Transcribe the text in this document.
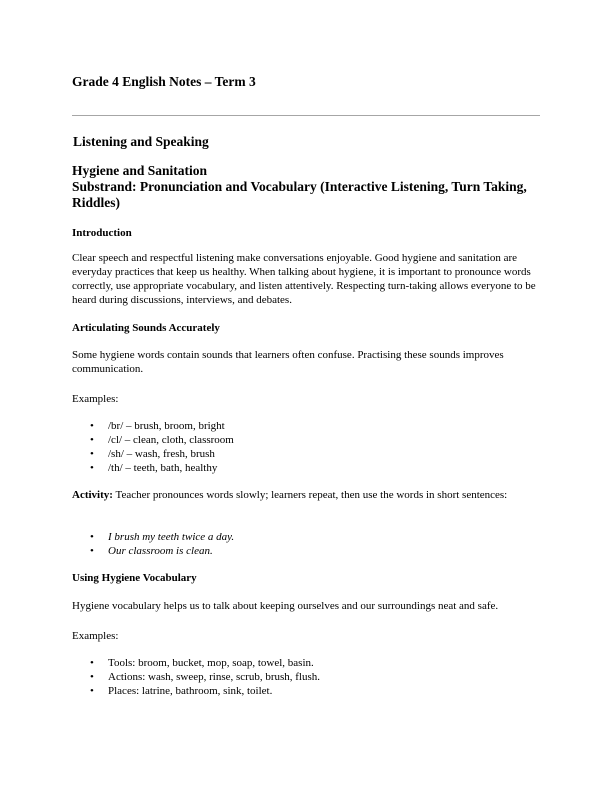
Grade 4 English Notes – Term 3
Listening and Speaking
Hygiene and Sanitation
Substrand: Pronunciation and Vocabulary (Interactive Listening, Turn Taking, Riddles)
Introduction
Clear speech and respectful listening make conversations enjoyable. Good hygiene and sanitation are everyday practices that keep us healthy. When talking about hygiene, it is important to pronounce words correctly, use appropriate vocabulary, and listen attentively. Respecting turn-taking allows everyone to be heard during discussions, interviews, and debates.
Articulating Sounds Accurately
Some hygiene words contain sounds that learners often confuse. Practising these sounds improves communication.
Examples:
• /br/ – brush, broom, bright
• /cl/ – clean, cloth, classroom
• /sh/ – wash, fresh, brush
• /th/ – teeth, bath, healthy
Activity: Teacher pronounces words slowly; learners repeat, then use the words in short sentences:
• I brush my teeth twice a day.
• Our classroom is clean.
Using Hygiene Vocabulary
Hygiene vocabulary helps us to talk about keeping ourselves and our surroundings neat and safe.
Examples:
• Tools: broom, bucket, mop, soap, towel, basin.
• Actions: wash, sweep, rinse, scrub, brush, flush.
• Places: latrine, bathroom, sink, toilet.
